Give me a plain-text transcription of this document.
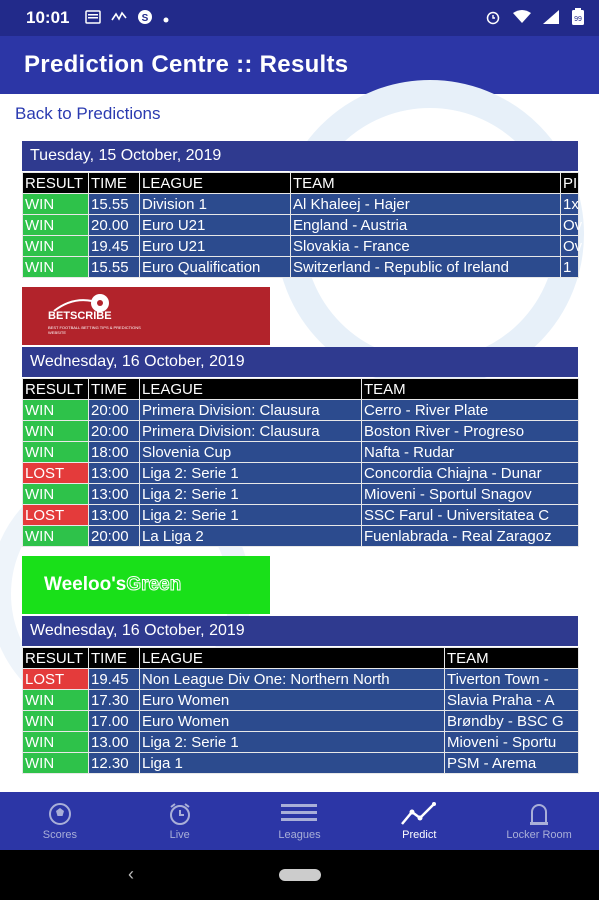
10:01	S	99
Prediction Centre :: Results
Back to Predictions
Tuesday, 15 October, 2019
RESULT	TIME	LEAGUE	TEAM	PI
WIN	15.55	Division 1	Al Khaleej - Hajer	1x
WIN	20.00	Euro U21	England - Austria	Ov
WIN	19.45	Euro U21	Slovakia - France	Ov
WIN	15.55	Euro Qualification	Switzerland - Republic of Ireland	1
BETSCRIBE
BEST FOOTBALL BETTING TIPS & PREDICTIONS WEBSITE
Wednesday, 16 October, 2019
RESULT	TIME	LEAGUE	TEAM
WIN	20:00	Primera Division: Clausura	Cerro - River Plate
WIN	20:00	Primera Division: Clausura	Boston River - Progreso
WIN	18:00	Slovenia Cup	Nafta - Rudar
LOST	13:00	Liga 2: Serie 1	Concordia Chiajna - Dunar
WIN	13:00	Liga 2: Serie 1	Mioveni - Sportul Snagov
LOST	13:00	Liga 2: Serie 1	SSC Farul - Universitatea C
WIN	20:00	La Liga 2	Fuenlabrada - Real Zaragoz
Weeloo'sGreen
Wednesday, 16 October, 2019
RESULT	TIME	LEAGUE	TEAM
LOST	19.45	Non League Div One: Northern North	Tiverton Town -
WIN	17.30	Euro Women	Slavia Praha - A
WIN	17.00	Euro Women	Brøndby - BSC G
WIN	13.00	Liga 2: Serie 1	Mioveni - Sportu
WIN	12.30	Liga 1	PSM - Arema
Scores	Live	Leagues	Predict	Locker Room
‹
